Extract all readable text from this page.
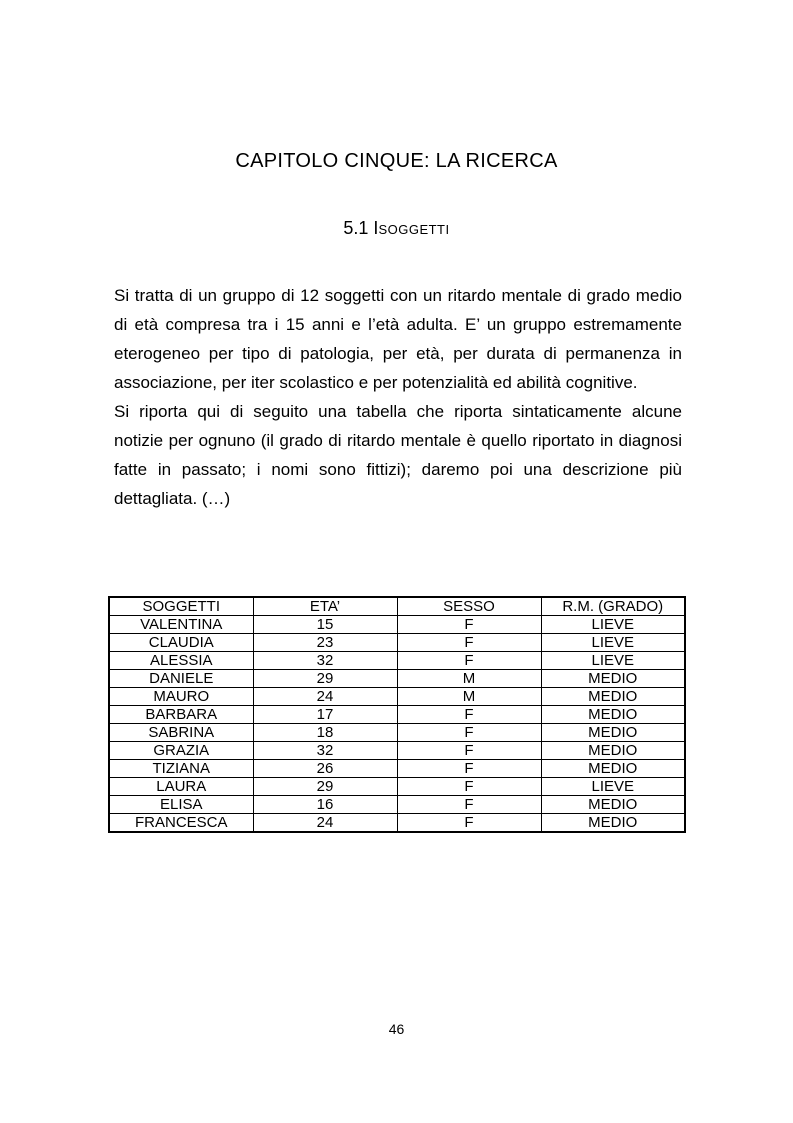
CAPITOLO CINQUE: LA RICERCA
5.1 ISOGGETTI

Si tratta di un gruppo di 12 soggetti con un ritardo mentale di grado medio di età compresa tra i 15 anni e l’età adulta. E’ un gruppo estremamente eterogeneo per tipo di patologia, per età, per durata di permanenza in associazione, per iter scolastico e per potenzialità ed abilità cognitive.

Si riporta qui di seguito una tabella che riporta sintaticamente alcune notizie per ognuno (il grado di ritardo mentale è quello riportato in diagnosi fatte in passato; i nomi sono fittizi); daremo poi una descrizione più dettagliata. (…)

SOGGETTI	ETA’	SESSO	R.M. (GRADO)
VALENTINA	15	F	LIEVE
CLAUDIA	23	F	LIEVE
ALESSIA	32	F	LIEVE
DANIELE	29	M	MEDIO
MAURO	24	M	MEDIO
BARBARA	17	F	MEDIO
SABRINA	18	F	MEDIO
GRAZIA	32	F	MEDIO
TIZIANA	26	F	MEDIO
LAURA	29	F	LIEVE
ELISA	16	F	MEDIO
FRANCESCA	24	F	MEDIO
46
